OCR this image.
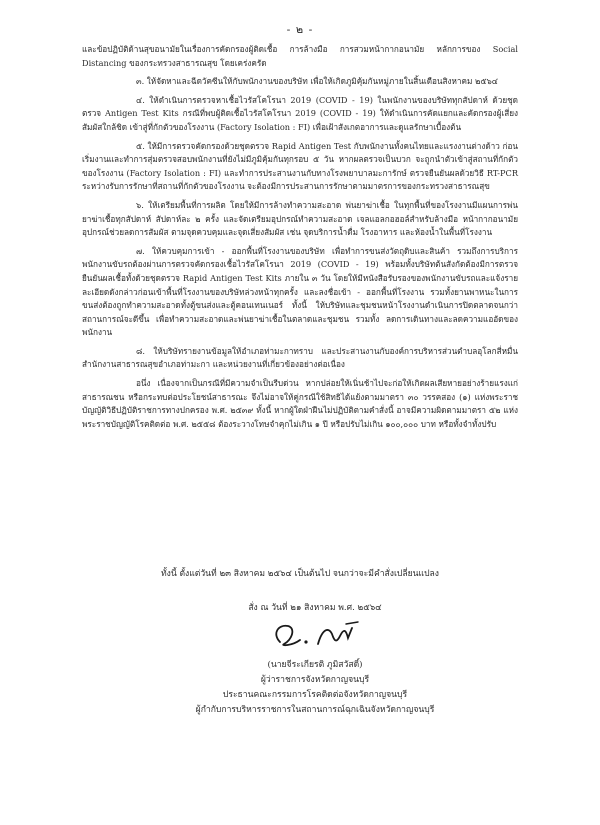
- ๒ -

และข้อปฏิบัติด้านสุขอนามัยในเรื่องการคัดกรองผู้ติดเชื้อ การล้างมือ การสวมหน้ากากอนามัย หลักการของ Social Distancing ของกระทรวงสาธารณสุข โดยเคร่งครัด

๓. ให้จัดหาและฉีดวัคซีนให้กับพนักงานของบริษัท เพื่อให้เกิดภูมิคุ้มกันหมู่ภายในสิ้นเดือนสิงหาคม ๒๕๖๔

๔. ให้ดำเนินการตรวจหาเชื้อไวรัสโคโรนา 2019 (COVID - 19) ในพนักงานของบริษัททุกสัปดาห์ ด้วยชุดตรวจ Antigen Test Kits กรณีที่พบผู้ติดเชื้อไวรัสโคโรนา 2019 (COVID - 19) ให้ดำเนินการคัดแยกและคัดกรองผู้เสี่ยงสัมผัสใกล้ชิด เข้าสู่ที่กักตัวของโรงงาน (Factory Isolation : FI) เพื่อเฝ้าสังเกตอาการและดูแลรักษาเบื้องต้น

๕. ให้มีการตรวจคัดกรองด้วยชุดตรวจ Rapid Antigen Test กับพนักงานทั้งคนไทยและแรงงานต่างด้าว ก่อนเริ่มงานและทำการสุ่มตรวจสอบพนักงานที่ยังไม่มีภูมิคุ้มกันทุกรอบ ๕ วัน หากผลตรวจเป็นบวก จะถูกนำตัวเข้าสู่สถานที่กักตัวของโรงงาน (Factory Isolation : FI) และทำการประสานงานกับทางโรงพยาบาลมะการักษ์ ตรวจยืนยันผลด้วยวิธี RT-PCR ระหว่างรับการรักษาที่สถานที่กักตัวของโรงงาน จะต้องมีการประสานการรักษาตามมาตรการของกระทรวงสาธารณสุข

๖. ให้เตรียมพื้นที่การผลิต โดยให้มีการล้างทำความสะอาด พ่นยาฆ่าเชื้อ ในทุกพื้นที่ของโรงงานมีแผนการพ่นยาฆ่าเชื้อทุกสัปดาห์ สัปดาห์ละ ๒ ครั้ง และจัดเตรียมอุปกรณ์ทำความสะอาด เจลแอลกอฮอล์สำหรับล้างมือ หน้ากากอนามัย อุปกรณ์ช่วยลดการสัมผัส ตามจุดควบคุมและจุดเสี่ยงสัมผัส เช่น จุดบริการน้ำดื่ม โรงอาหาร และห้องน้ำในพื้นที่โรงงาน

๗. ให้ควบคุมการเข้า - ออกพื้นที่โรงงานของบริษัท เพื่อทำการขนส่งวัตถุดิบและสินค้า รวมถึงการบริการ พนักงานขับรถต้องผ่านการตรวจคัดกรองเชื้อไวรัสโคโรนา 2019 (COVID - 19) พร้อมทั้งบริษัทต้นสังกัดต้องมีการตรวจยืนยันผลเชื้อทั้งด้วยชุดตรวจ Rapid Antigen Test Kits ภายใน ๓ วัน โดยให้มีหนังสือรับรองของพนักงานขับรถและแจ้งรายละเอียดดังกล่าวก่อนเข้าพื้นที่โรงงานของบริษัทล่วงหน้าทุกครั้ง และลงชื่อเข้า - ออกพื้นที่โรงงาน รวมทั้งยานพาหนะในการขนส่งต้องถูกทำความสะอาดทั้งตู้ขนส่งและตู้คอนเทนเนอร์ ทั้งนี้ ให้บริษัทและชุมชนหน้าโรงงานดำเนินการปิดตลาดจนกว่าสถานการณ์จะดีขึ้น เพื่อทำความสะอาดและพ่นยาฆ่าเชื้อในตลาดและชุมชน รวมทั้ง ลดการเดินทางและลดความแออัดของพนักงาน

๘. ให้บริษัทรายงานข้อมูลให้อำเภอท่ามะกาทราบ และประสานงานกับองค์การบริหารส่วนตำบลอุโลกสี่หมื่น สำนักงานสาธารณสุขอำเภอท่ามะกา และหน่วยงานที่เกี่ยวข้องอย่างต่อเนื่อง

อนึ่ง เนื่องจากเป็นกรณีที่มีความจำเป็นรีบด่วน หากปล่อยให้เนิ่นช้าไปจะก่อให้เกิดผลเสียหายอย่างร้ายแรงแก่สาธารณชน หรือกระทบต่อประโยชน์สาธารณะ จึงไม่อาจให้คู่กรณีใช้สิทธิได้แย้งตามมาตรา ๓๐ วรรคสอง (๑) แห่งพระราชบัญญัติวิธีปฏิบัติราชการทางปกครอง พ.ศ. ๒๕๓๙ ทั้งนี้ หากผู้ใดฝ่าฝืนไม่ปฏิบัติตามคำสั่งนี้ อาจมีความผิดตามมาตรา ๕๒ แห่งพระราชบัญญัติโรคติดต่อ พ.ศ. ๒๕๕๘ ต้องระวางโทษจำคุกไม่เกิน ๑ ปี หรือปรับไม่เกิน ๑๐๐,๐๐๐ บาท หรือทั้งจำทั้งปรับ

ทั้งนี้ ตั้งแต่วันที่ ๒๓ สิงหาคม ๒๕๖๔ เป็นต้นไป จนกว่าจะมีคำสั่งเปลี่ยนแปลง
สั่ง ณ วันที่ ๒๑ สิงหาคม พ.ศ. ๒๕๖๔
(นายจีระเกียรติ ภูมิสวัสดิ์)
ผู้ว่าราชการจังหวัดกาญจนบุรี
ประธานคณะกรรมการโรคติดต่อจังหวัดกาญจนบุรี
ผู้กำกับการบริหารราชการในสถานการณ์ฉุกเฉินจังหวัดกาญจนบุรี
